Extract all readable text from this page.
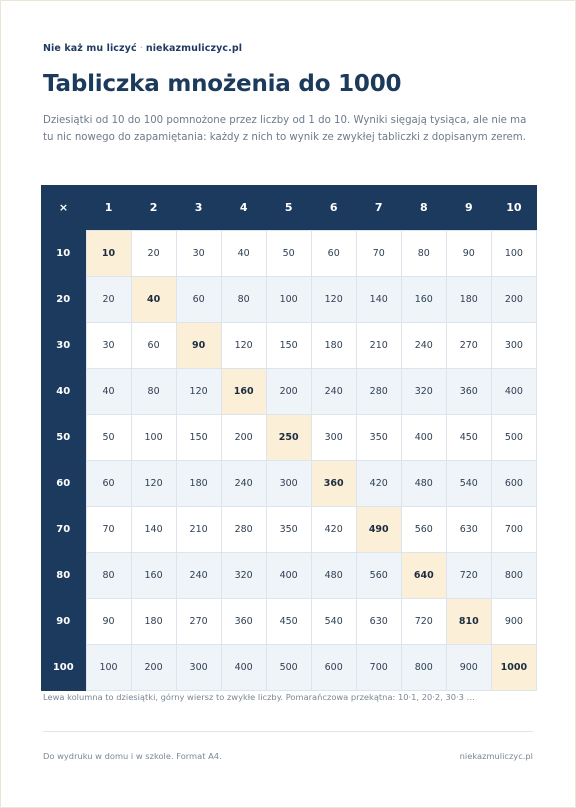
Nie każ mu liczyć · niekazmuliczyc.pl
Tabliczka mnożenia do 1000

Dziesiątki od 10 do 100 pomnożone przez liczby od 1 do 10. Wyniki sięgają tysiąca, ale nie ma tu nic nowego do zapamiętania: każdy z nich to wynik ze zwykłej tabliczki z dopisanym zerem.

×	1	2	3	4	5	6	7	8	9	10
10	10	20	30	40	50	60	70	80	90	100
20	20	40	60	80	100	120	140	160	180	200
30	30	60	90	120	150	180	210	240	270	300
40	40	80	120	160	200	240	280	320	360	400
50	50	100	150	200	250	300	350	400	450	500
60	60	120	180	240	300	360	420	480	540	600
70	70	140	210	280	350	420	490	560	630	700
80	80	160	240	320	400	480	560	640	720	800
90	90	180	270	360	450	540	630	720	810	900
100	100	200	300	400	500	600	700	800	900	1000
Lewa kolumna to dziesiątki, górny wiersz to zwykłe liczby. Pomarańczowa przekątna: 10·1, 20·2, 30·3 …
Do wydruku w domu i w szkole. Format A4.	niekazmuliczyc.pl
